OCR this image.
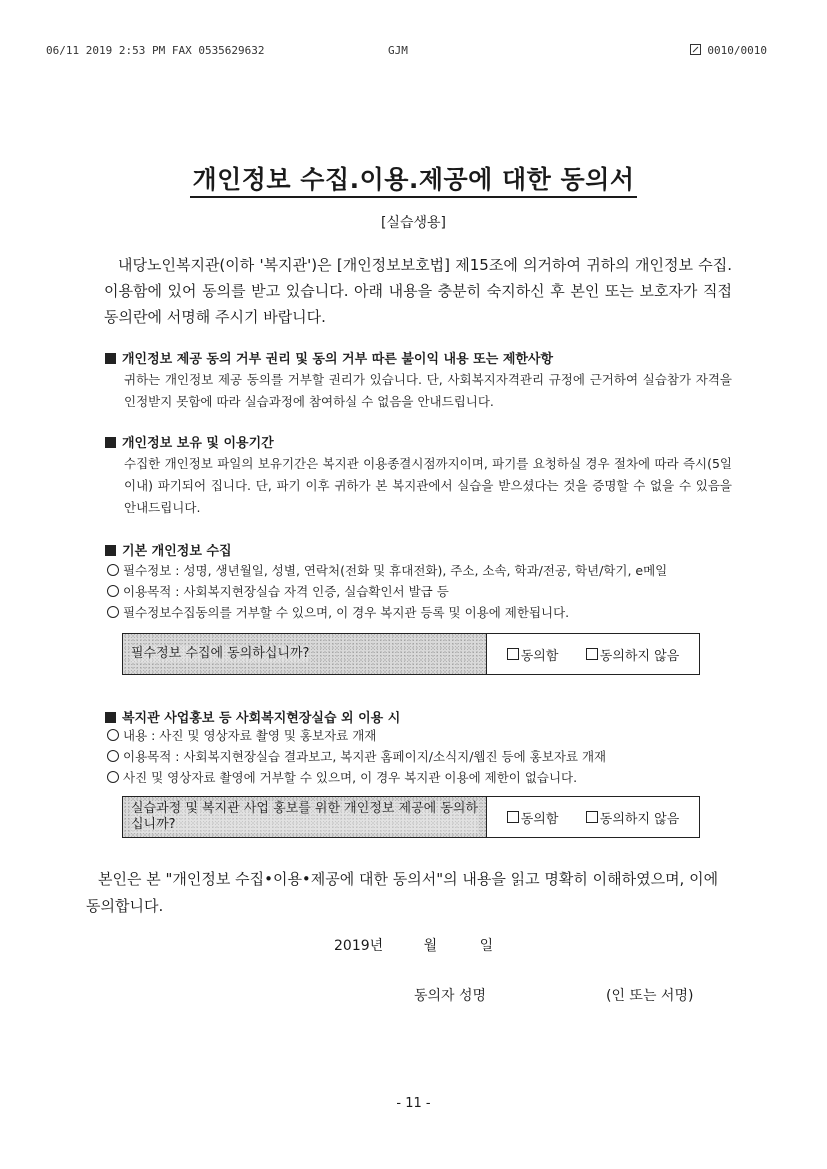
06/11 2019 2:53 PM FAX 0535629632	GJM	0010/0010
개인정보 수집.이용.제공에 대한 동의서
[실습생용]
내당노인복지관(이하 '복지관')은 [개인정보보호법] 제15조에 의거하여 귀하의 개인정보 수집.이용함에 있어 동의를 받고 있습니다. 아래 내용을 충분히 숙지하신 후 본인 또는 보호자가 직접 동의란에 서명해 주시기 바랍니다.
개인정보 제공 동의 거부 권리 및 동의 거부 따른 불이익 내용 또는 제한사항
귀하는 개인정보 제공 동의를 거부할 권리가 있습니다. 단, 사회복지자격관리 규정에 근거하여 실습참가 자격을 인정받지 못함에 따라 실습과정에 참여하실 수 없음을 안내드립니다.
개인정보 보유 및 이용기간
수집한 개인정보 파일의 보유기간은 복지관 이용종결시점까지이며, 파기를 요청하실 경우 절차에 따라 즉시(5일 이내) 파기되어 집니다. 단, 파기 이후 귀하가 본 복지관에서 실습을 받으셨다는 것을 증명할 수 없을 수 있음을 안내드립니다.
기본 개인정보 수집
필수정보 : 성명, 생년월일, 성별, 연락처(전화 및 휴대전화), 주소, 소속, 학과/전공, 학년/학기, e메일
이용목적 : 사회복지현장실습 자격 인증, 실습확인서 발급 등
필수정보수집동의를 거부할 수 있으며, 이 경우 복지관 등록 및 이용에 제한됩니다.
필수정보 수집에 동의하십니까?	동의함	동의하지 않음
복지관 사업홍보 등 사회복지현장실습 외 이용 시
내용 : 사진 및 영상자료 촬영 및 홍보자료 개재
이용목적 : 사회복지현장실습 결과보고, 복지관 홈페이지/소식지/웹진 등에 홍보자료 개재
사진 및 영상자료 촬영에 거부할 수 있으며, 이 경우 복지관 이용에 제한이 없습니다.
실습과정 및 복지관 사업 홍보를 위한 개인정보 제공에 동의하십니까?	동의함	동의하지 않음
본인은 본 "개인정보 수집•이용•제공에 대한 동의서"의 내용을 읽고 명확히 이해하였으며, 이에 동의합니다.
2019년	월	일
동의자 성명	(인 또는 서명)
- 11 -
